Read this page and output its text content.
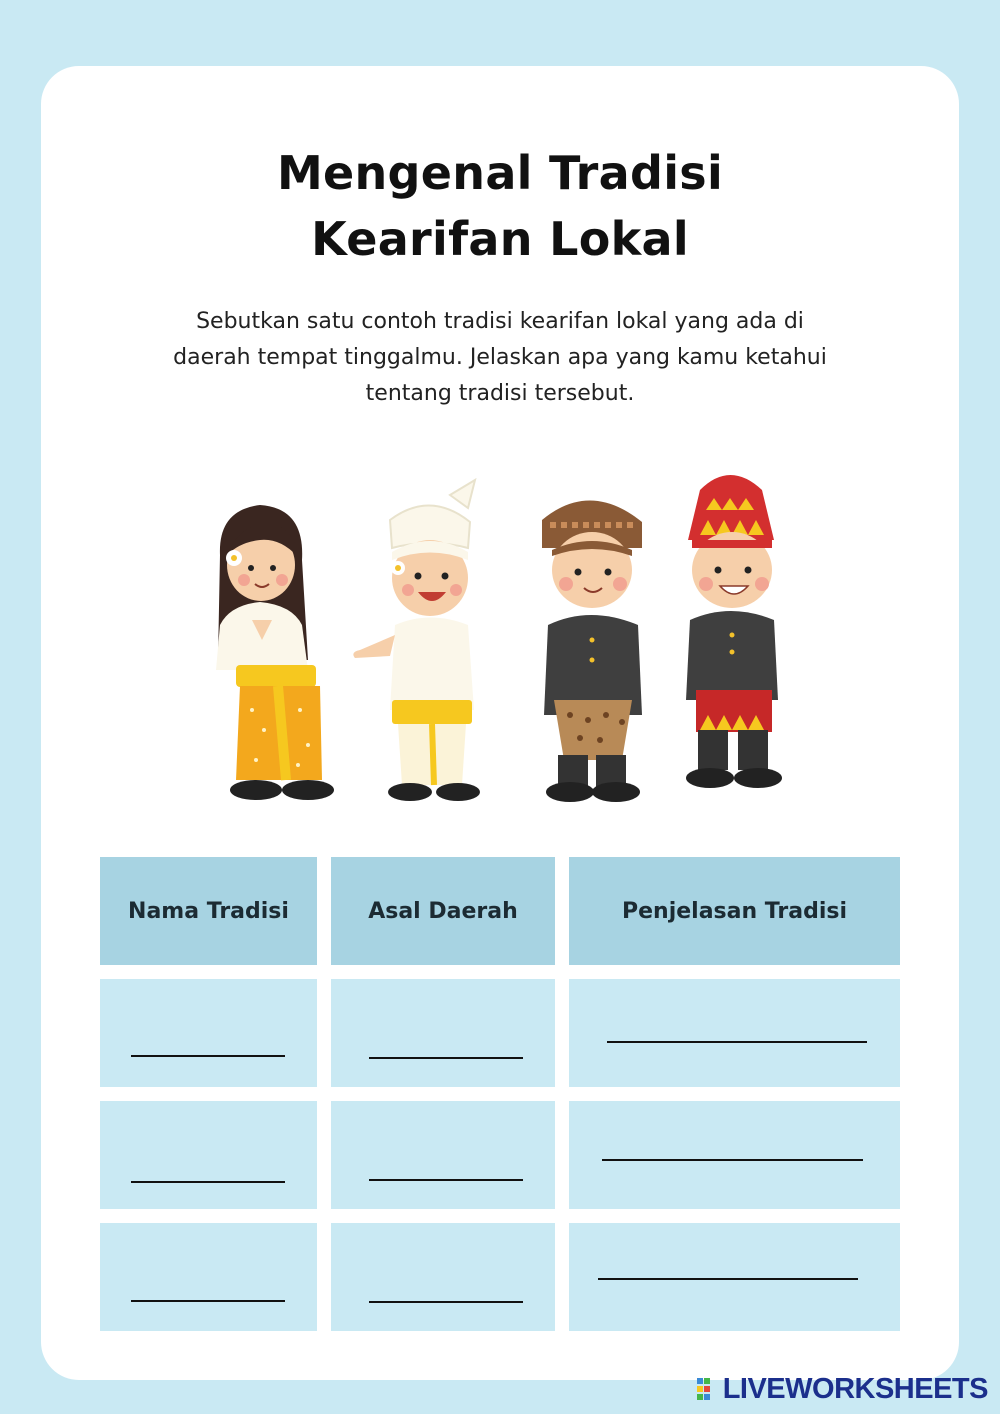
Mengenal Tradisi
Kearifan Lokal
Sebutkan satu contoh tradisi kearifan lokal yang ada di
daerah tempat tinggalmu. Jelaskan apa yang kamu ketahui
tentang tradisi tersebut.
Nama Tradisi	Asal Daerah	Penjelasan Tradisi
LIVEWORKSHEETS
